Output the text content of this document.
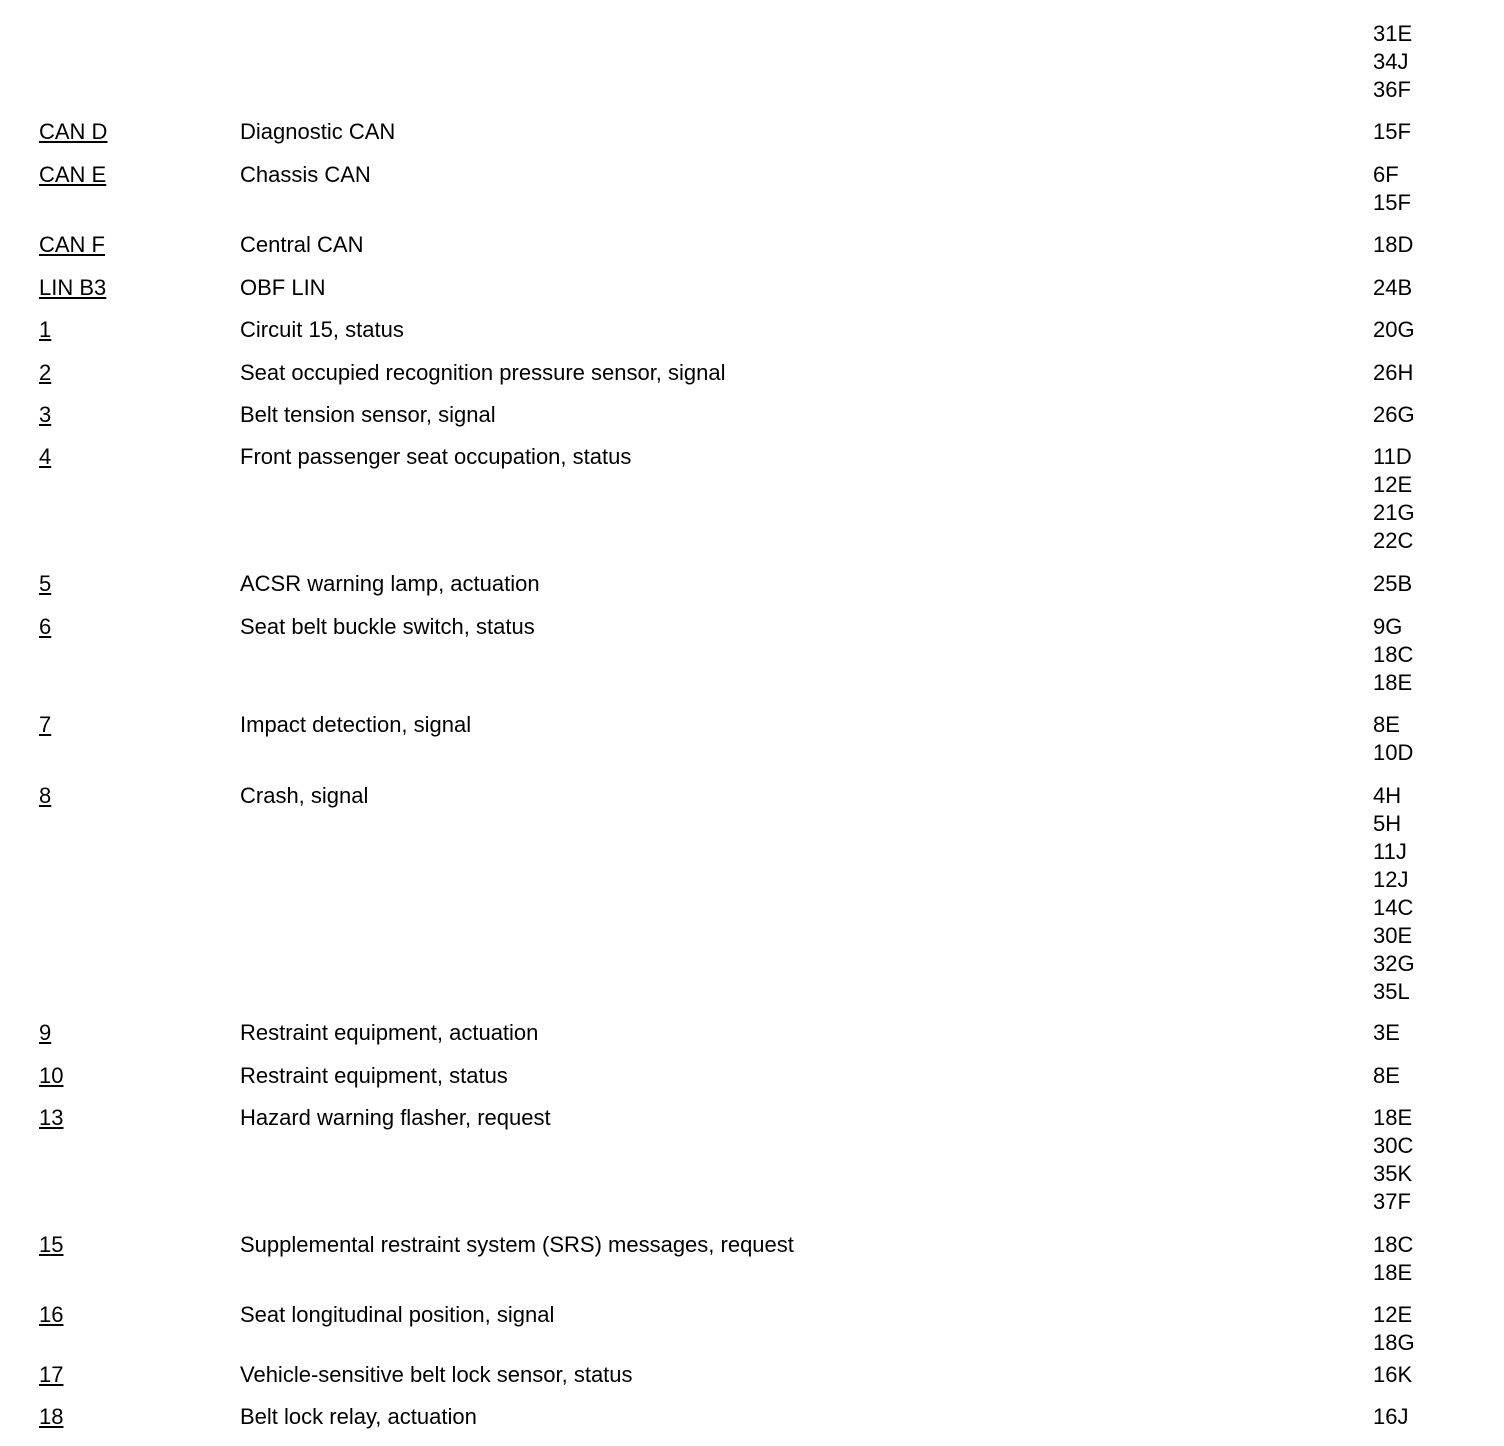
31E
34J
36F
CAN D	Diagnostic CAN	15F
CAN E	Chassis CAN	6F
15F
CAN F	Central CAN	18D
LIN B3	OBF LIN	24B
1	Circuit 15, status	20G
2	Seat occupied recognition pressure sensor, signal	26H
3	Belt tension sensor, signal	26G
4	Front passenger seat occupation, status	11D
12E
21G
22C
5	ACSR warning lamp, actuation	25B
6	Seat belt buckle switch, status	9G
18C
18E
7	Impact detection, signal	8E
10D
8	Crash, signal	4H
5H
11J
12J
14C
30E
32G
35L
9	Restraint equipment, actuation	3E
10	Restraint equipment, status	8E
13	Hazard warning flasher, request	18E
30C
35K
37F
15	Supplemental restraint system (SRS) messages, request	18C
18E
16	Seat longitudinal position, signal	12E
18G
17	Vehicle-sensitive belt lock sensor, status	16K
18	Belt lock relay, actuation	16J
